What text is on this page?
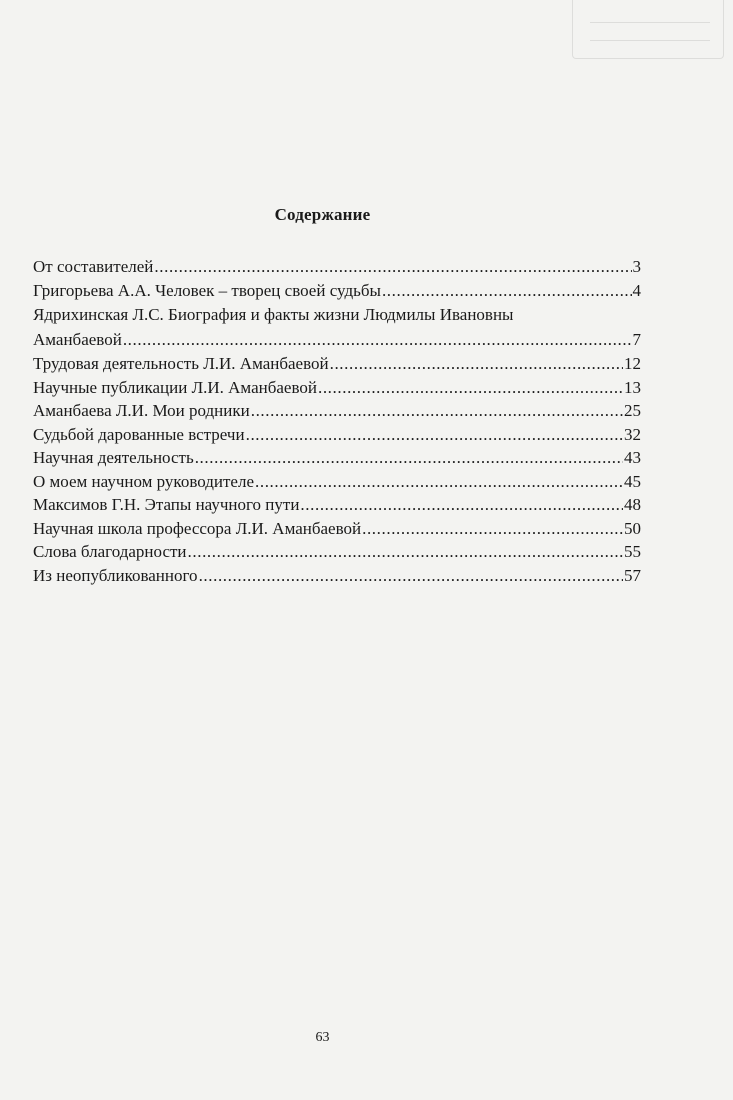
Содержание
От составителей .....	3
Григорьева А.А. Человек – творец своей судьбы .....	4
Ядрихинская Л.С. Биография и факты жизни Людмилы Ивановны
Аманбаевой .....	7
Трудовая деятельность Л.И. Аманбаевой .....	12
Научные публикации Л.И. Аманбаевой .....	13
Аманбаева Л.И. Мои родники .....	25
Судьбой дарованные встречи .....	32
Научная деятельность .....	43
О моем научном руководителе .....	45
Максимов Г.Н. Этапы научного пути .....	48
Научная школа профессора Л.И. Аманбаевой .....	50
Слова благодарности .....	55
Из неопубликованного .....	57
63
